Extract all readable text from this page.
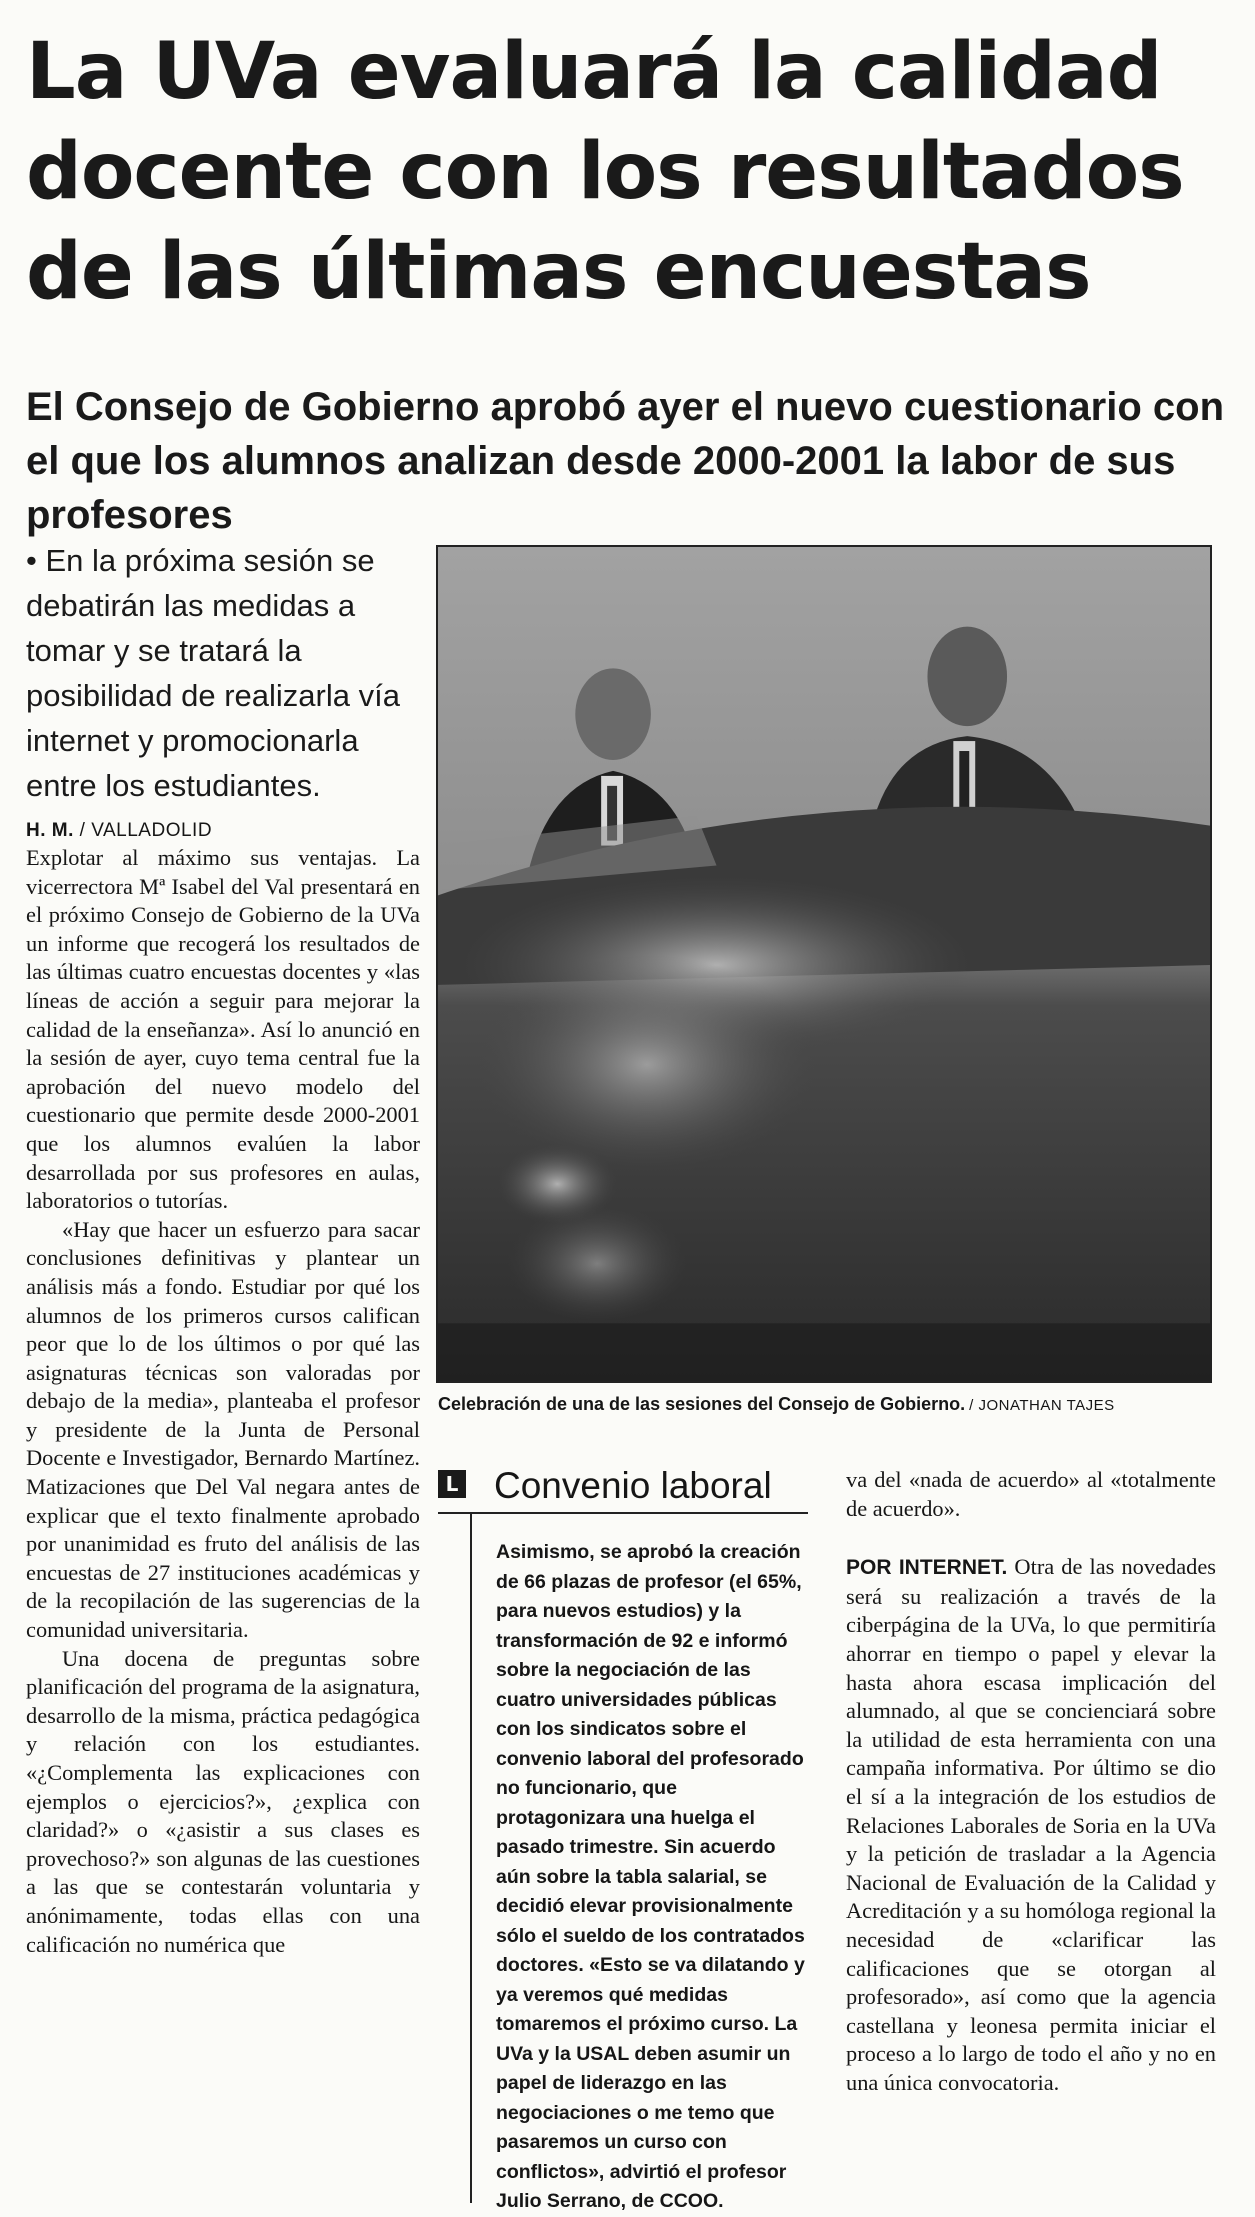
La UVa evaluará la calidad docente con los resultados de las últimas encuestas
El Consejo de Gobierno aprobó ayer el nuevo cuestionario con el que los alumnos analizan desde 2000-2001 la labor de sus profesores
• En la próxima sesión se debatirán las medidas a tomar y se tratará la posibilidad de realizarla vía internet y promocionarla entre los estudiantes.
H. M. / VALLADOLID

Explotar al máximo sus ventajas. La vicerrectora Mª Isabel del Val presentará en el próximo Consejo de Gobierno de la UVa un informe que recogerá los resultados de las últimas cuatro encuestas docentes y «las líneas de acción a seguir para mejorar la calidad de la enseñanza». Así lo anunció en la sesión de ayer, cuyo tema central fue la aprobación del nuevo modelo del cuestionario que permite desde 2000-2001 que los alumnos evalúen la labor desarrollada por sus profesores en aulas, laboratorios o tutorías.

«Hay que hacer un esfuerzo para sacar conclusiones definitivas y plantear un análisis más a fondo. Estudiar por qué los alumnos de los primeros cursos califican peor que lo de los últimos o por qué las asignaturas técnicas son valoradas por debajo de la media», planteaba el profesor y presidente de la Junta de Personal Docente e Investigador, Bernardo Martínez. Matizaciones que Del Val negara antes de explicar que el texto finalmente aprobado por unanimidad es fruto del análisis de las encuestas de 27 instituciones académicas y de la recopilación de las sugerencias de la comunidad universitaria.

Una docena de preguntas sobre planificación del programa de la asignatura, desarrollo de la misma, práctica pedagógica y relación con los estudiantes. «¿Complementa las explicaciones con ejemplos o ejercicios?», ¿explica con claridad?» o «¿asistir a sus clases es provechoso?» son algunas de las cuestiones a las que se contestarán voluntaria y anónimamente, todas ellas con una calificación no numérica que

Celebración de una de las sesiones del Consejo de Gobierno. / JONATHAN TAJES
L Convenio laboral

Asimismo, se aprobó la creación de 66 plazas de profesor (el 65%, para nuevos estudios) y la transformación de 92 e informó sobre la negociación de las cuatro universidades públicas con los sindicatos sobre el convenio laboral del profesorado no funcionario, que protagonizara una huelga el pasado trimestre. Sin acuerdo aún sobre la tabla salarial, se decidió elevar provisionalmente sólo el sueldo de los contratados doctores. «Esto se va dilatando y ya veremos qué medidas tomaremos el próximo curso. La UVa y la USAL deben asumir un papel de liderazgo en las negociaciones o me temo que pasaremos un curso con conflictos», advirtió el profesor Julio Serrano, de CCOO.

va del «nada de acuerdo» al «totalmente de acuerdo».

POR INTERNET. Otra de las novedades será su realización a través de la ciberpágina de la UVa, lo que permitiría ahorrar en tiempo o papel y elevar la hasta ahora escasa implicación del alumnado, al que se concienciará sobre la utilidad de esta herramienta con una campaña informativa. Por último se dio el sí a la integración de los estudios de Relaciones Laborales de Soria en la UVa y la petición de trasladar a la Agencia Nacional de Evaluación de la Calidad y Acreditación y a su homóloga regional la necesidad de «clarificar las calificaciones que se otorgan al profesorado», así como que la agencia castellana y leonesa permita iniciar el proceso a lo largo de todo el año y no en una única convocatoria.
